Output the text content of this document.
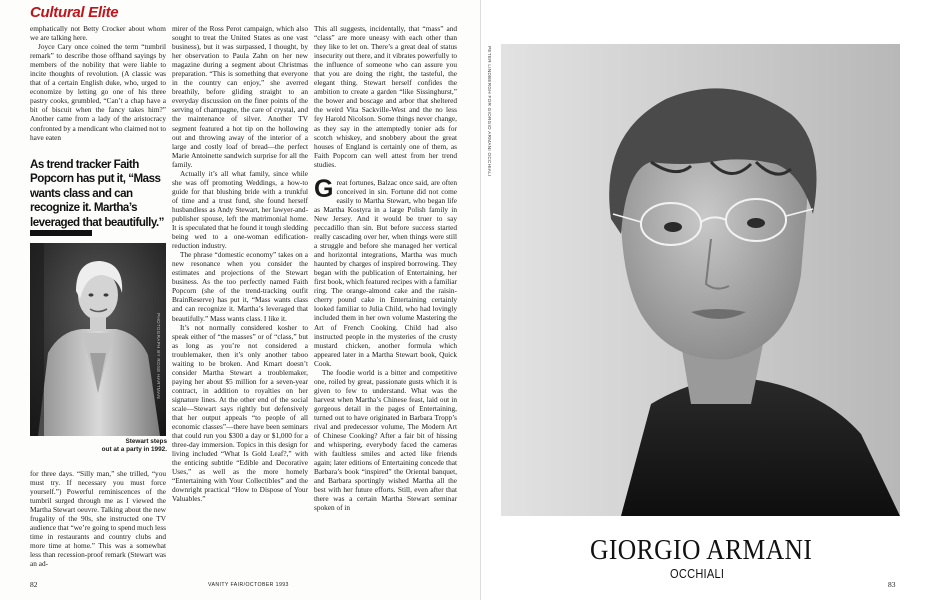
Cultural Elite

emphatically not Betty Crocker about whom we are talking here.

Joyce Cary once coined the term “tumbril remark” to describe those offhand sayings by members of the nobility that were liable to incite thoughts of revolution. (A classic was that of a certain English duke, who, urged to economize by letting go one of his three pastry cooks, grumbled, “Can’t a chap have a bit of biscuit when the fancy takes him?” Another came from a lady of the aristocracy confronted by a mendicant who claimed not to have eaten

As trend tracker Faith Popcorn has put it, “Mass wants class and can recognize it. Martha’s leveraged that beautifully.”
PHOTOGRAPH BY ROSE HARTMAN
Stewart steps
out at a party in 1992.

for three days. “Silly man,” she trilled, “you must try. If necessary you must force yourself.”) Powerful reminiscences of the tumbril surged through me as I viewed the Martha Stewart oeuvre. Talking about the new frugality of the 90s, she instructed one TV audience that “we’re going to spend much less time in restaurants and country clubs and more time at home.” This was a somewhat less than recession-proof remark (Stewart was an ad-

mirer of the Ross Perot campaign, which also sought to treat the United States as one vast business), but it was surpassed, I thought, by her observation to Paula Zahn on her new magazine during a segment about Christmas preparation. “This is something that everyone in the country can enjoy,” she averred breathily, before gliding straight to an everyday discussion on the finer points of the serving of champagne, the care of crystal, and the maintenance of silver. Another TV segment featured a hot tip on the hollowing out and throwing away of the interior of a large and costly loaf of bread—the perfect Marie Antoinette sandwich surprise for all the family.

Actually it’s all what family, since while she was off promoting Weddings, a how-to guide for that blushing bride with a trunkful of time and a trust fund, she found herself husbandless as Andy Stewart, her lawyer-and-publisher spouse, left the matrimonial home. It is speculated that he found it tough sledding being wed to a one-woman edification-reduction industry.

The phrase “domestic economy” takes on a new resonance when you consider the estimates and projections of the Stewart business. As the too perfectly named Faith Popcorn (she of the trend-tracking outfit BrainReserve) has put it, “Mass wants class and can recognize it. Martha’s leveraged that beautifully.” Mass wants class. I like it.

It’s not normally considered kosher to speak either of “the masses” or of “class,” but as long as you’re not considered a troublemaker, then it’s only another taboo waiting to be broken. And Kmart doesn’t consider Martha Stewart a troublemaker, paying her about $5 million for a seven-year contract, in addition to royalties on her signature lines. At the other end of the social scale—Stewart says rightly but defensively that her output appeals “to people of all economic classes”—there have been seminars that could run you $300 a day or $1,000 for a three-day immersion. Topics in this design for living included “What Is Gold Leaf?,” with the enticing subtitle “Edible and Decorative Uses,” as well as the more homely “Entertaining with Your Collectibles” and the downright practical “How to Dispose of Your Valuables.”

This all suggests, incidentally, that “mass” and “class” are more uneasy with each other than they like to let on. There’s a great deal of status insecurity out there, and it vibrates powerfully to the influence of someone who can assure you that you are doing the right, the tasteful, the elegant thing. Stewart herself confides the ambition to create a garden “like Sissinghurst,” the bower and boscage and arbor that sheltered the weird Vita Sackville-West and the no less fey Harold Nicolson. Some things never change, as they say in the attemptedly tonier ads for scotch whiskey, and snobbery about the great houses of England is certainly one of them, as Faith Popcorn can well attest from her trend studies.

Great fortunes, Balzac once said, are often conceived in sin. Fortune did not come easily to Martha Stewart, who began life as Martha Kostyra in a large Polish family in New Jersey. And it would be truer to say peccadillo than sin. But before success started really cascading over her, when things were still a struggle and before she managed her vertical and horizontal integrations, Martha was much haunted by charges of inspired borrowing. They began with the publication of Entertaining, her first book, which featured recipes with a familiar ring. The orange-almond cake and the raisin-cherry pound cake in Entertaining certainly looked familiar to Julia Child, who had lovingly included them in her own volume Mastering the Art of French Cooking. Child had also instructed people in the mysteries of the crusty mustard chicken, another formula which appeared later in a Martha Stewart book, Quick Cook.

The foodie world is a bitter and competitive one, roiled by great, passionate gusts which it is given to few to understand. What was the harvest when Martha’s Chinese feast, laid out in gorgeous detail in the pages of Entertaining, turned out to have originated in Barbara Tropp’s rival and predecessor volume, The Modern Art of Chinese Cooking? After a fair bit of hissing and whispering, everybody faced the cameras with faultless smiles and acted like friends again; later editions of Entertaining concede that Barbara’s book “inspired” the Oriental banquet, and Barbara sportingly wished Martha all the best with her future efforts. Still, even after that there was a certain Martha Stewart seminar spoken of in

PETER LINDBERGH FOR GIORGIO ARMANI OCCHIALI
82	VANITY FAIR/OCTOBER 1993	83
GIORGIO ARMANI
OCCHIALI
